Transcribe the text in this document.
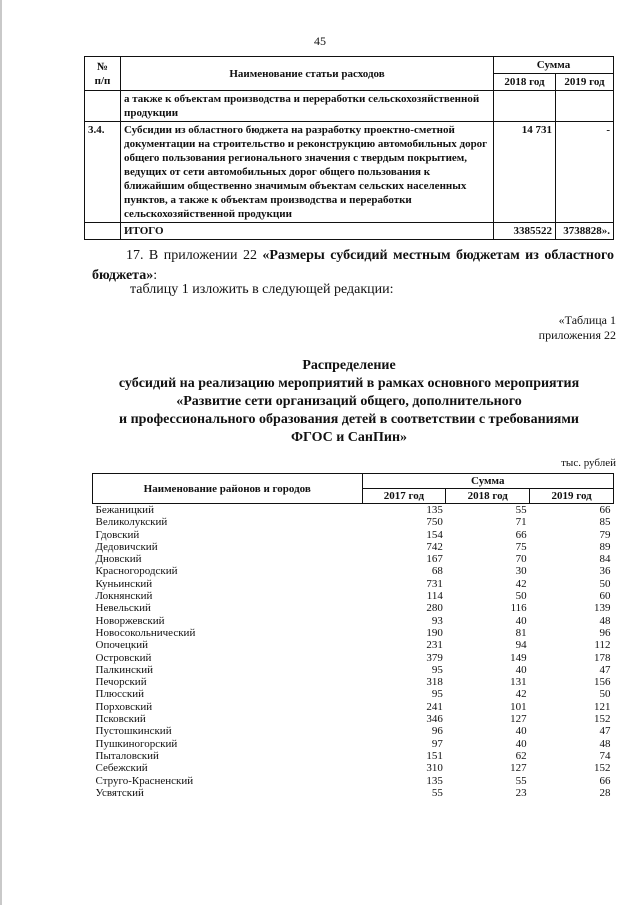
45
№
п/п	Наименование статьи расходов	Сумма	
		2018 год	2019 год
	а также к объектам производства и переработки сельскохозяйственной продукции		
3.4.	Субсидии из областного бюджета на разработку проектно-сметной документации на строительство и реконструкцию автомобильных дорог общего пользования регионального значения с твердым покрытием, ведущих от сети автомобильных дорог общего пользования к ближайшим общественно значимым объектам сельских населенных пунктов, а также к объектам производства и переработки сельскохозяйственной продукции	14 731	-
	ИТОГО	3385522	3738828».
17. В приложении 22 «Размеры субсидий местным бюджетам из областного бюджета»:
таблицу 1 изложить в следующей редакции:
«Таблица 1
приложения 22
Распределение
субсидий на реализацию мероприятий в рамках основного мероприятия
«Развитие сети организаций общего, дополнительного
и профессионального образования детей в соответствии с требованиями
ФГОС и СанПин»
тыс. рублей
Наименование районов и городов	Сумма		
	2017 год	2018 год	2019 год
Бежаницкий	135	55	66
Великолукский	750	71	85
Гдовский	154	66	79
Дедовичский	742	75	89
Дновский	167	70	84
Красногородский	68	30	36
Куньинский	731	42	50
Локнянский	114	50	60
Невельский	280	116	139
Новоржевский	93	40	48
Новосокольнический	190	81	96
Опочецкий	231	94	112
Островский	379	149	178
Палкинский	95	40	47
Печорский	318	131	156
Плюсский	95	42	50
Порховский	241	101	121
Псковский	346	127	152
Пустошкинский	96	40	47
Пушкиногорский	97	40	48
Пыталовский	151	62	74
Себежский	310	127	152
Струго-Красненский	135	55	66
Усвятский	55	23	28
